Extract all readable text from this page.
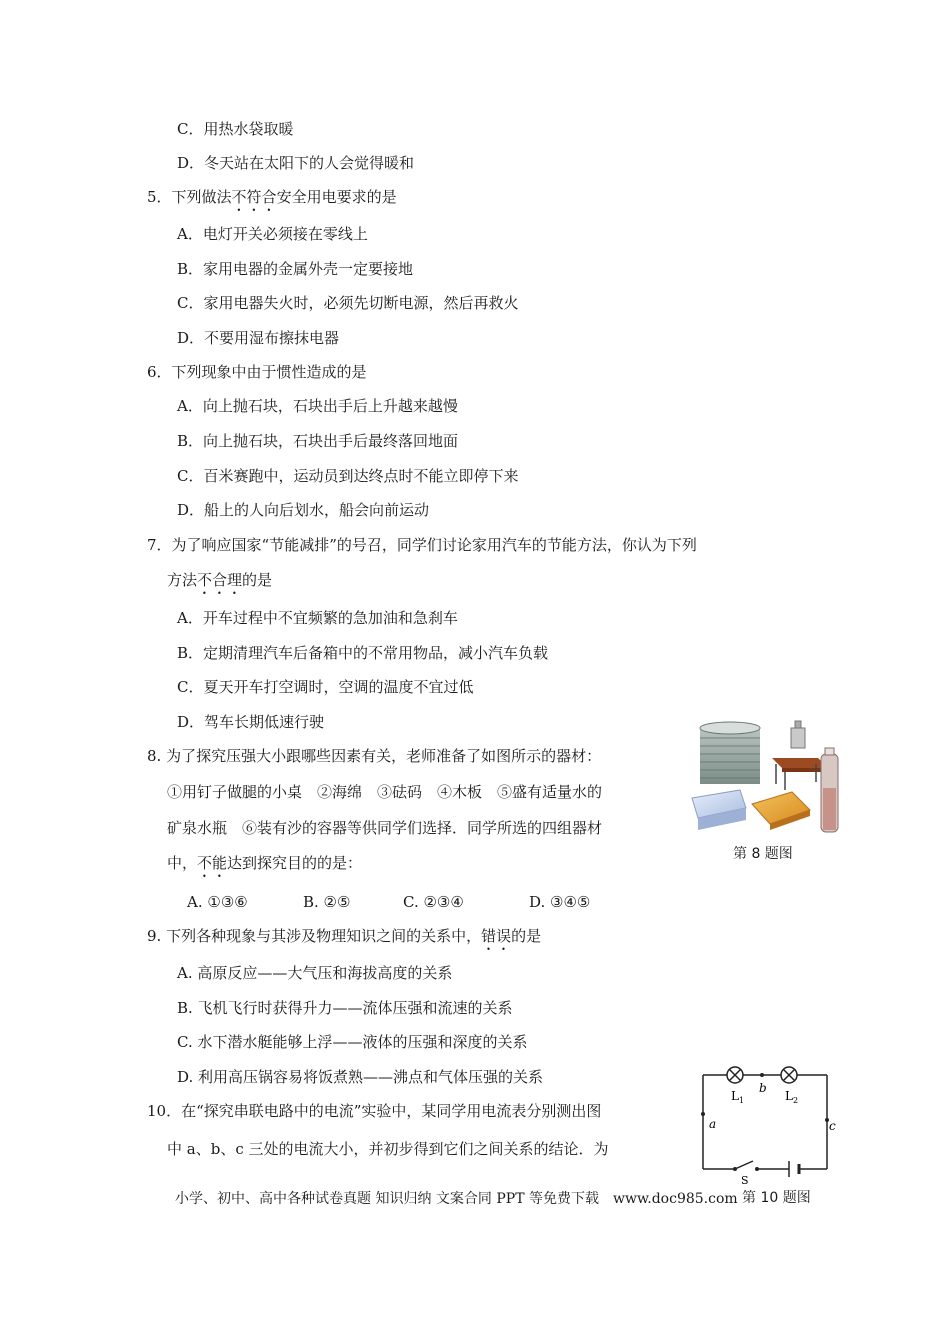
C．用热水袋取暖
D．冬天站在太阳下的人会觉得暖和
5．下列做法不符合安全用电要求的是
A．电灯开关必须接在零线上
B．家用电器的金属外壳一定要接地
C．家用电器失火时，必须先切断电源，然后再救火
D．不要用湿布擦抹电器
6．下列现象中由于惯性造成的是
A．向上抛石块，石块出手后上升越来越慢
B．向上抛石块，石块出手后最终落回地面
C．百米赛跑中，运动员到达终点时不能立即停下来
D．船上的人向后划水，船会向前运动
7．为了响应国家“节能减排”的号召，同学们讨论家用汽车的节能方法，你认为下列
方法不合理的是
A．开车过程中不宜频繁的急加油和急刹车
B．定期清理汽车后备箱中的不常用物品，减小汽车负载
C．夏天开车打空调时，空调的温度不宜过低
D．驾车长期低速行驶
8. 为了探究压强大小跟哪些因素有关，老师准备了如图所示的器材：
①用钉子做腿的小桌　②海绵　③砝码　④木板　⑤盛有适量水的
矿泉水瓶　⑥装有沙的容器等供同学们选择．同学所选的四组器材
中，不能达到探究目的的是：
A. ①③⑥	B. ②⑤	C. ②③④	D. ③④⑤
第 8 题图
9. 下列各种现象与其涉及物理知识之间的关系中，错误的是
A. 高原反应——大气压和海拔高度的关系
B. 飞机飞行时获得升力——流体压强和流速的关系
C. 水下潜水艇能够上浮——液体的压强和深度的关系
D. 利用高压锅容易将饭煮熟——沸点和气体压强的关系
10．在“探究串联电路中的电流”实验中，某同学用电流表分别测出图
中 a、b、c 三处的电流大小，并初步得到它们之间关系的结论．为
$L_1$	$L_2$
b
a	c
S
第 10 题图
小学、初中、高中各种试卷真题 知识归纳 文案合同 PPT 等免费下载　www.doc985.com
